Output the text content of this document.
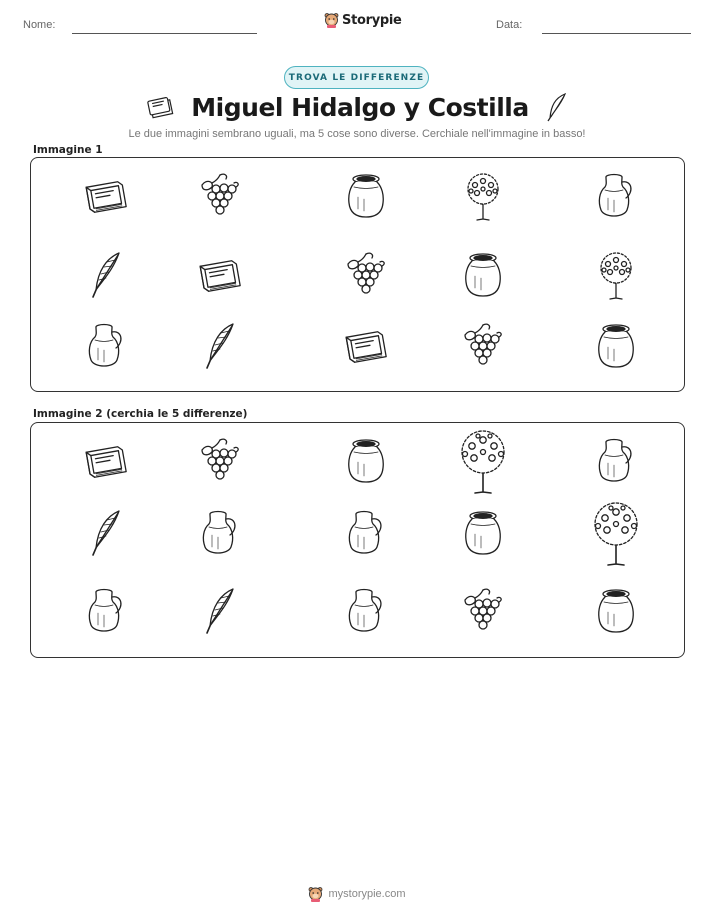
Nome:	Storypie	Data:
TROVA LE DIFFERENZE
Miguel Hidalgo y Costilla
Le due immagini sembrano uguali, ma 5 cose sono diverse. Cerchiale nell'immagine in basso!
Immagine 1
Immagine 2 (cerchia le 5 differenze)
mystorypie.com
